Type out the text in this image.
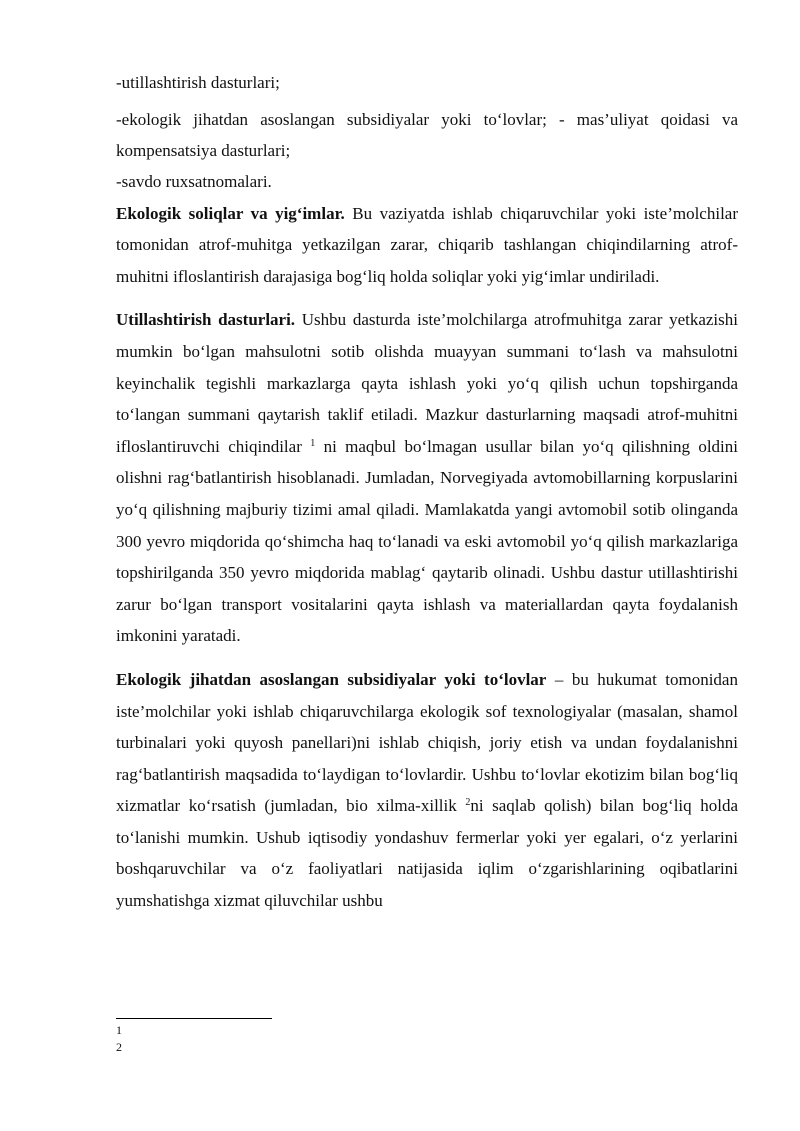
-utillashtirish dasturlari;

-ekologik jihatdan asoslangan subsidiyalar yoki to‘lovlar; - mas’uliyat qoidasi va kompensatsiya dasturlari;

-savdo ruxsatnomalari.

Ekologik soliqlar va yig‘imlar. Bu vaziyatda ishlab chiqaruvchilar yoki iste’molchilar tomonidan atrof-muhitga yetkazilgan zarar, chiqarib tashlangan chiqindilarning atrof-muhitni ifloslantirish darajasiga bog‘liq holda soliqlar yoki yig‘imlar undiriladi.

Utillashtirish dasturlari. Ushbu dasturda iste’molchilarga atrofmuhitga zarar yetkazishi mumkin bo‘lgan mahsulotni sotib olishda muayyan summani to‘lash va mahsulotni keyinchalik tegishli markazlarga qayta ishlash yoki yo‘q qilish uchun topshirganda to‘langan summani qaytarish taklif etiladi. Mazkur dasturlarning maqsadi atrof-muhitni ifloslantiruvchi chiqindilar $^1$ ni maqbul bo‘lmagan usullar bilan yo‘q qilishning oldini olishni rag‘batlantirish hisoblanadi. Jumladan, Norvegiyada avtomobillarning korpuslarini yo‘q qilishning majburiy tizimi amal qiladi. Mamlakatda yangi avtomobil sotib olinganda 300 yevro miqdorida qo‘shimcha haq to‘lanadi va eski avtomobil yo‘q qilish markazlariga topshirilganda 350 yevro miqdorida mablag‘ qaytarib olinadi. Ushbu dastur utillashtirishi zarur bo‘lgan transport vositalarini qayta ishlash va materiallardan qayta foydalanish imkonini yaratadi.

Ekologik jihatdan asoslangan subsidiyalar yoki to‘lovlar – bu hukumat tomonidan iste’molchilar yoki ishlab chiqaruvchilarga ekologik sof texnologiyalar (masalan, shamol turbinalari yoki quyosh panellari)ni ishlab chiqish, joriy etish va undan foydalanishni rag‘batlantirish maqsadida to‘laydigan to‘lovlardir. Ushbu to‘lovlar ekotizim bilan bog‘liq xizmatlar ko‘rsatish (jumladan, bio xilma-xillik $^2$ni saqlab qolish) bilan bog‘liq holda to‘lanishi mumkin. Ushub iqtisodiy yondashuv fermerlar yoki yer egalari, o‘z yerlarini boshqaruvchilar va o‘z faoliyatlari natijasida iqlim o‘zgarishlarining oqibatlarini yumshatishga xizmat qiluvchilar ushbu

1
2
